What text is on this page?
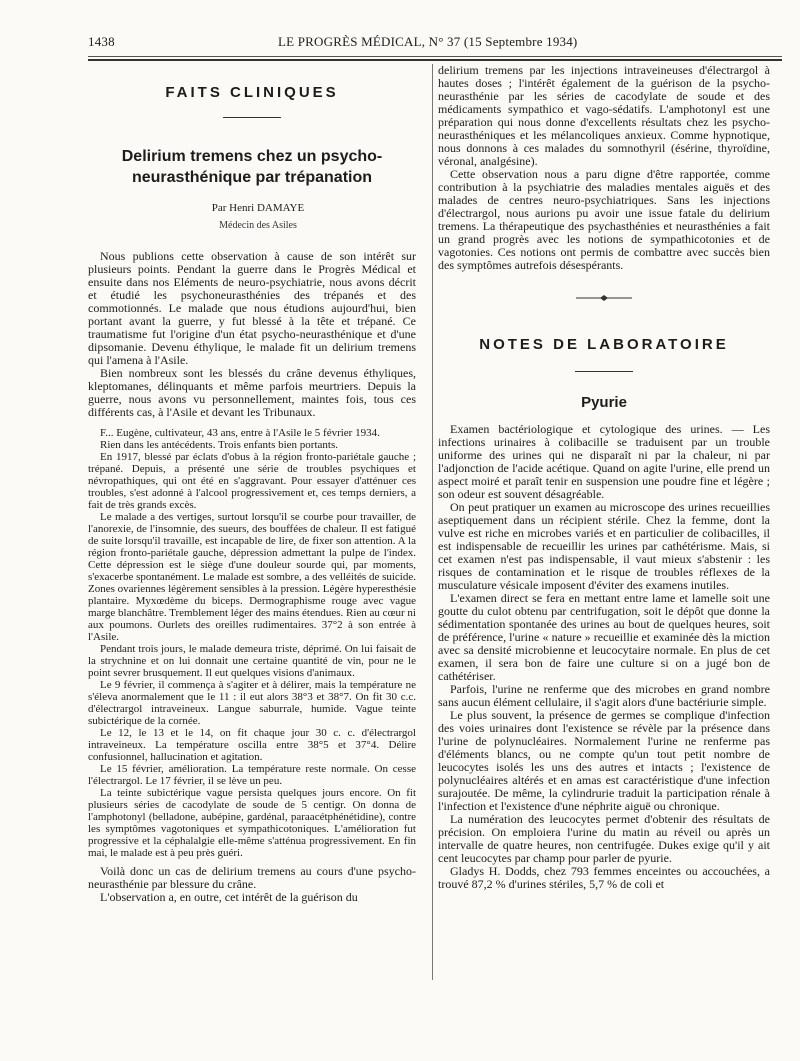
1438	LE PROGRÈS MÉDICAL, N° 37 (15 Septembre 1934)
FAITS CLINIQUES
Delirium tremens chez un psycho-
neurasthénique par trépanation

Par Henri DAMAYE

Médecin des Asiles

Nous publions cette observation à cause de son intérêt sur plusieurs points. Pendant la guerre dans le Progrès Médical et ensuite dans nos Eléments de neuro-psychiatrie, nous avons décrit et étudié les psychoneurasthénies des trépanés et des commotionnés. Le malade que nous étudions aujourd'hui, bien portant avant la guerre, y fut blessé à la tête et trépané. Ce traumatisme fut l'origine d'un état psycho-neurasthénique et d'une dipsomanie. Devenu éthylique, le malade fit un delirium tremens qui l'amena à l'Asile.

Bien nombreux sont les blessés du crâne devenus éthyliques, kleptomanes, délinquants et même parfois meurtriers. Depuis la guerre, nous avons vu personnellement, maintes fois, tous ces différents cas, à l'Asile et devant les Tribunaux.

F... Eugène, cultivateur, 43 ans, entre à l'Asile le 5 février 1934.

Rien dans les antécédents. Trois enfants bien portants.

En 1917, blessé par éclats d'obus à la région fronto-pariétale gauche ; trépané. Depuis, a présenté une série de troubles psychiques et névropathiques, qui ont été en s'aggravant. Pour essayer d'atténuer ces troubles, s'est adonné à l'alcool progressivement et, ces temps derniers, a fait de très grands excès.

Le malade a des vertiges, surtout lorsqu'il se courbe pour travailler, de l'anorexie, de l'insomnie, des sueurs, des bouffées de chaleur. Il est fatigué de suite lorsqu'il travaille, est incapable de lire, de fixer son attention. A la région fronto-pariétale gauche, dépression admettant la pulpe de l'index. Cette dépression est le siège d'une douleur sourde qui, par moments, s'exacerbe spontanément. Le malade est sombre, a des velléités de suicide. Zones ovariennes légèrement sensibles à la pression. Légère hyperesthésie plantaire. Myxœdème du biceps. Dermographisme rouge avec vague marge blanchâtre. Tremblement léger des mains étendues. Rien au cœur ni aux poumons. Ourlets des oreilles rudimentaires. 37°2 à son entrée à l'Asile.

Pendant trois jours, le malade demeura triste, déprimé. On lui faisait de la strychnine et on lui donnait une certaine quantité de vin, pour ne le point sevrer brusquement. Il eut quelques visions d'animaux.

Le 9 février, il commença à s'agiter et à délirer, mais la température ne s'éleva anormalement que le 11 : il eut alors 38°3 et 38°7. On fit 30 c.c. d'électrargol intraveineux. Langue saburrale, humide. Vague teinte subictérique de la cornée.

Le 12, le 13 et le 14, on fit chaque jour 30 c. c. d'électrargol intraveineux. La température oscilla entre 38°5 et 37°4. Délire confusionnel, hallucination et agitation.

Le 15 février, amélioration. La température reste normale. On cesse l'électrargol. Le 17 février, il se lève un peu.

La teinte subictérique vague persista quelques jours encore. On fit plusieurs séries de cacodylate de soude de 5 centigr. On donna de l'amphotonyl (belladone, aubépine, gardénal, paraacétphénétidine), contre les symptômes vagotoniques et sympathicotoniques. L'amélioration fut progressive et la céphalalgie elle-même s'atténua progressivement. En fin mai, le malade est à peu près guéri.

Voilà donc un cas de delirium tremens au cours d'une psycho-neurasthénie par blessure du crâne.

L'observation a, en outre, cet intérêt de la guérison du

delirium tremens par les injections intraveineuses d'électrargol à hautes doses ; l'intérêt également de la guérison de la psycho-neurasthénie par les séries de cacodylate de soude et des médicaments sympathico et vago-sédatifs. L'amphotonyl est une préparation qui nous donne d'excellents résultats chez les psycho-neurasthéniques et les mélancoliques anxieux. Comme hypnotique, nous donnons à ces malades du somnothyril (ésérine, thyroïdine, véronal, analgésine).

Cette observation nous a paru digne d'être rapportée, comme contribution à la psychiatrie des maladies mentales aiguës et des malades de centres neuro-psychiatriques. Sans les injections d'électrargol, nous aurions pu avoir une issue fatale du delirium tremens. La thérapeutique des psychasthénies et neurasthénies a fait un grand progrès avec les notions de sympathicotonies et de vagotonies. Ces notions ont permis de combattre avec succès bien des symptômes autrefois désespérants.

NOTES DE LABORATOIRE
Pyurie

Examen bactériologique et cytologique des urines. — Les infections urinaires à colibacille se traduisent par un trouble uniforme des urines qui ne disparaît ni par la chaleur, ni par l'adjonction de l'acide acétique. Quand on agite l'urine, elle prend un aspect moiré et paraît tenir en suspension une poudre fine et légère ; son odeur est souvent désagréable.

On peut pratiquer un examen au microscope des urines recueillies aseptiquement dans un récipient stérile. Chez la femme, dont la vulve est riche en microbes variés et en particulier de colibacilles, il est indispensable de recueillir les urines par cathétérisme. Mais, si cet examen n'est pas indispensable, il vaut mieux s'abstenir : les risques de contamination et le risque de troubles réflexes de la musculature vésicale imposent d'éviter des examens inutiles.

L'examen direct se fera en mettant entre lame et lamelle soit une goutte du culot obtenu par centrifugation, soit le dépôt que donne la sédimentation spontanée des urines au bout de quelques heures, soit de préférence, l'urine « nature » recueillie et examinée dès la miction avec sa densité microbienne et leucocytaire normale. En plus de cet examen, il sera bon de faire une culture si on a jugé bon de cathétériser.

Parfois, l'urine ne renferme que des microbes en grand nombre sans aucun élément cellulaire, il s'agit alors d'une bactériurie simple.

Le plus souvent, la présence de germes se complique d'infection des voies urinaires dont l'existence se révèle par la présence dans l'urine de polynucléaires. Normalement l'urine ne renferme pas d'éléments blancs, ou ne compte qu'un tout petit nombre de leucocytes isolés les uns des autres et intacts ; l'existence de polynucléaires altérés et en amas est caractéristique d'une infection surajoutée. De même, la cylindrurie traduit la participation rénale à l'infection et l'existence d'une néphrite aiguë ou chronique.

La numération des leucocytes permet d'obtenir des résultats de précision. On emploiera l'urine du matin au réveil ou après un intervalle de quatre heures, non centrifugée. Dukes exige qu'il y ait cent leucocytes par champ pour parler de pyurie.

Gladys H. Dodds, chez 793 femmes enceintes ou accouchées, a trouvé 87,2 % d'urines stériles, 5,7 % de coli et
